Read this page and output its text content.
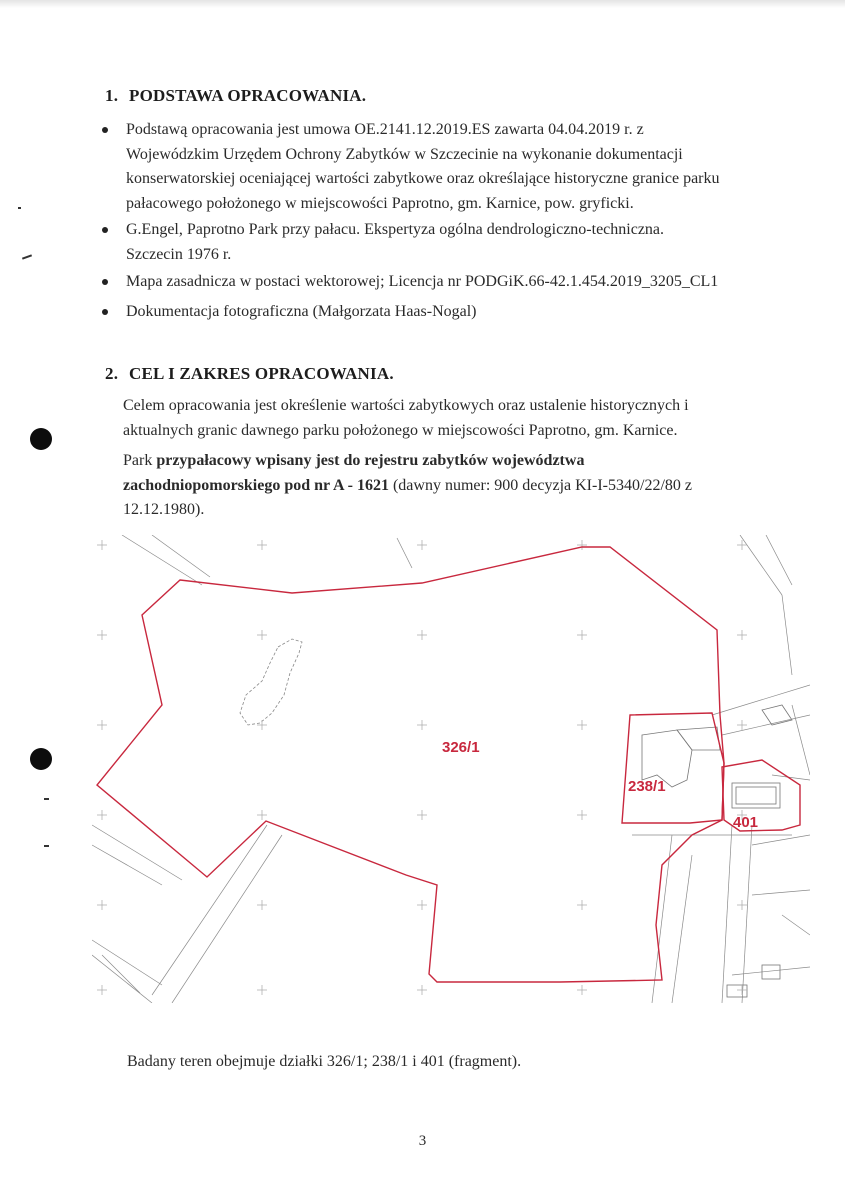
1. PODSTAWA OPRACOWANIA.
Podstawą opracowania jest umowa OE.2141.12.2019.ES zawarta 04.04.2019 r. z
Wojewódzkim Urzędem Ochrony Zabytków w Szczecinie na wykonanie dokumentacji
konserwatorskiej oceniającej wartości zabytkowe oraz określające historyczne granice parku
pałacowego położonego w miejscowości Paprotno, gm. Karnice, pow. gryficki.
G.Engel, Paprotno Park przy pałacu. Ekspertyza ogólna dendrologiczno-techniczna.
Szczecin 1976 r.
Mapa zasadnicza w postaci wektorowej; Licencja nr PODGiK.66-42.1.454.2019_3205_CL1
Dokumentacja fotograficzna (Małgorzata Haas-Nogal)
2. CEL I ZAKRES OPRACOWANIA.

Celem opracowania jest określenie wartości zabytkowych oraz ustalenie historycznych i
aktualnych granic dawnego parku położonego w miejscowości Paprotno, gm. Karnice.

Park przypałacowy wpisany jest do rejestru zabytków województwa
zachodniopomorskiego pod nr A - 1621 (dawny numer: 900 decyzja KI-I-5340/22/80 z
12.12.1980).

326/1
238/1
401

Badany teren obejmuje działki 326/1; 238/1 i 401 (fragment).

3
